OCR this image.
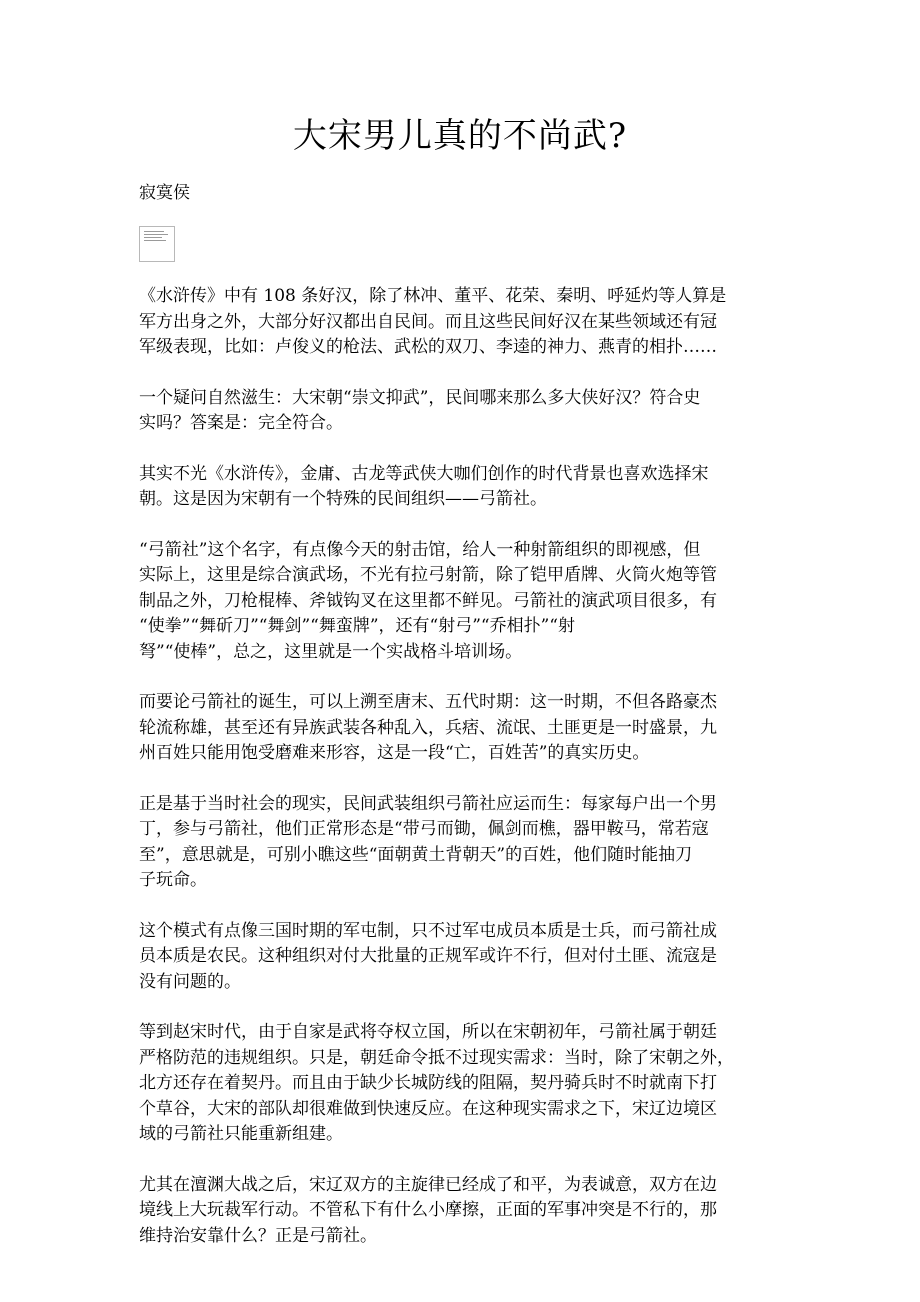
大宋男儿真的不尚武?
寂寞侯

《水浒传》中有 108 条好汉，除了林冲、董平、花荣、秦明、呼延灼等人算是
军方出身之外，大部分好汉都出自民间。而且这些民间好汉在某些领域还有冠
军级表现，比如：卢俊义的枪法、武松的双刀、李逵的神力、燕青的相扑……

一个疑问自然滋生：大宋朝“崇文抑武”，民间哪来那么多大侠好汉？符合史
实吗？答案是：完全符合。

其实不光《水浒传》，金庸、古龙等武侠大咖们创作的时代背景也喜欢选择宋
朝。这是因为宋朝有一个特殊的民间组织——弓箭社。

“弓箭社”这个名字，有点像今天的射击馆，给人一种射箭组织的即视感，但
实际上，这里是综合演武场，不光有拉弓射箭，除了铠甲盾牌、火筒火炮等管
制品之外，刀枪棍棒、斧钺钩叉在这里都不鲜见。弓箭社的演武项目很多，有
“使拳”“舞斫刀”“舞剑”“舞蛮牌”，还有“射弓”“乔相扑”“射
弩”“使棒”，总之，这里就是一个实战格斗培训场。

而要论弓箭社的诞生，可以上溯至唐末、五代时期：这一时期，不但各路豪杰
轮流称雄，甚至还有异族武装各种乱入，兵痞、流氓、土匪更是一时盛景，九
州百姓只能用饱受磨难来形容，这是一段“亡，百姓苦”的真实历史。

正是基于当时社会的现实，民间武装组织弓箭社应运而生：每家每户出一个男
丁，参与弓箭社，他们正常形态是“带弓而锄，佩剑而樵，器甲鞍马，常若寇
至”，意思就是，可别小瞧这些“面朝黄土背朝天”的百姓，他们随时能抽刀
子玩命。

这个模式有点像三国时期的军屯制，只不过军屯成员本质是士兵，而弓箭社成
员本质是农民。这种组织对付大批量的正规军或许不行，但对付土匪、流寇是
没有问题的。

等到赵宋时代，由于自家是武将夺权立国，所以在宋朝初年，弓箭社属于朝廷
严格防范的违规组织。只是，朝廷命令抵不过现实需求：当时，除了宋朝之外，
北方还存在着契丹。而且由于缺少长城防线的阻隔，契丹骑兵时不时就南下打
个草谷，大宋的部队却很难做到快速反应。在这种现实需求之下，宋辽边境区
域的弓箭社只能重新组建。

尤其在澶渊大战之后，宋辽双方的主旋律已经成了和平，为表诚意，双方在边
境线上大玩裁军行动。不管私下有什么小摩擦，正面的军事冲突是不行的，那
维持治安靠什么？正是弓箭社。
